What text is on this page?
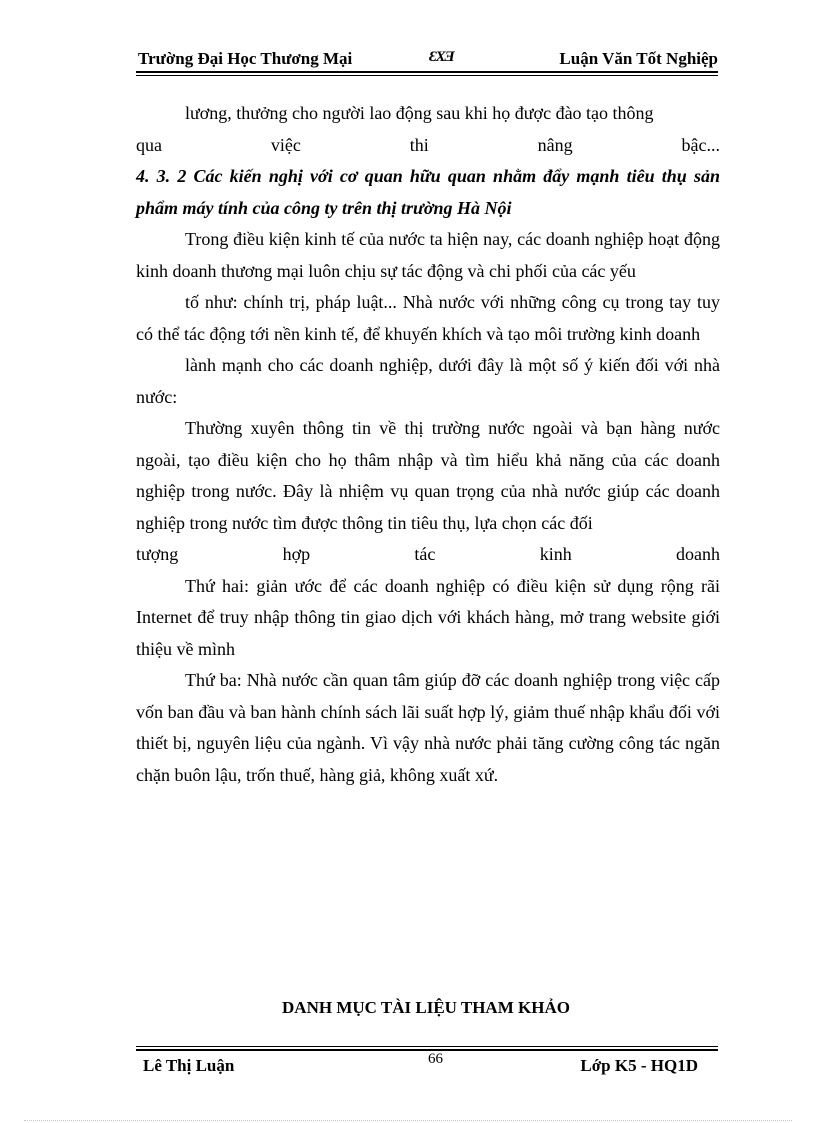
Trường Đại Học Thương Mại	ƐXƎ	Luận Văn Tốt Nghiệp

lương, thưởng cho người lao động sau khi họ được đào tạo thông

qua việc thi nâng bậc...

4. 3. 2 Các kiến nghị với cơ quan hữu quan nhằm đẩy mạnh tiêu thụ sản phẩm máy tính của công ty trên thị trường Hà Nội

Trong điều kiện kinh tế của nước ta hiện nay, các doanh nghiệp hoạt động kinh doanh thương mại luôn chịu sự tác động và chi phối của các yếu

tố như: chính trị, pháp luật... Nhà nước với những công cụ trong tay tuy có thể tác động tới nền kinh tế, để khuyến khích và tạo môi trường kinh doanh

lành mạnh cho các doanh nghiệp, dưới đây là một số ý kiến đối với nhà nước:

Thường xuyên thông tin về thị trường nước ngoài và bạn hàng nước ngoài, tạo điều kiện cho họ thâm nhập và tìm hiểu khả năng của các doanh nghiệp trong nước. Đây là nhiệm vụ quan trọng của nhà nước giúp các doanh nghiệp trong nước tìm được thông tin tiêu thụ, lựa chọn các đối

tượng hợp tác kinh doanh

Thứ hai: giản ước để các doanh nghiệp có điều kiện sử dụng rộng rãi Internet để truy nhập thông tin giao dịch với khách hàng, mở trang website giới thiệu về mình

Thứ ba: Nhà nước cần quan tâm giúp đỡ các doanh nghiệp trong việc cấp vốn ban đầu và ban hành chính sách lãi suất hợp lý, giảm thuế nhập khẩu đối với thiết bị, nguyên liệu của ngành. Vì vậy nhà nước phải tăng cường công tác ngăn chặn buôn lậu, trốn thuế, hàng giả, không xuất xứ.

DANH MỤC TÀI LIỆU THAM KHẢO
Lê Thị Luận	66	Lớp K5 - HQ1D
